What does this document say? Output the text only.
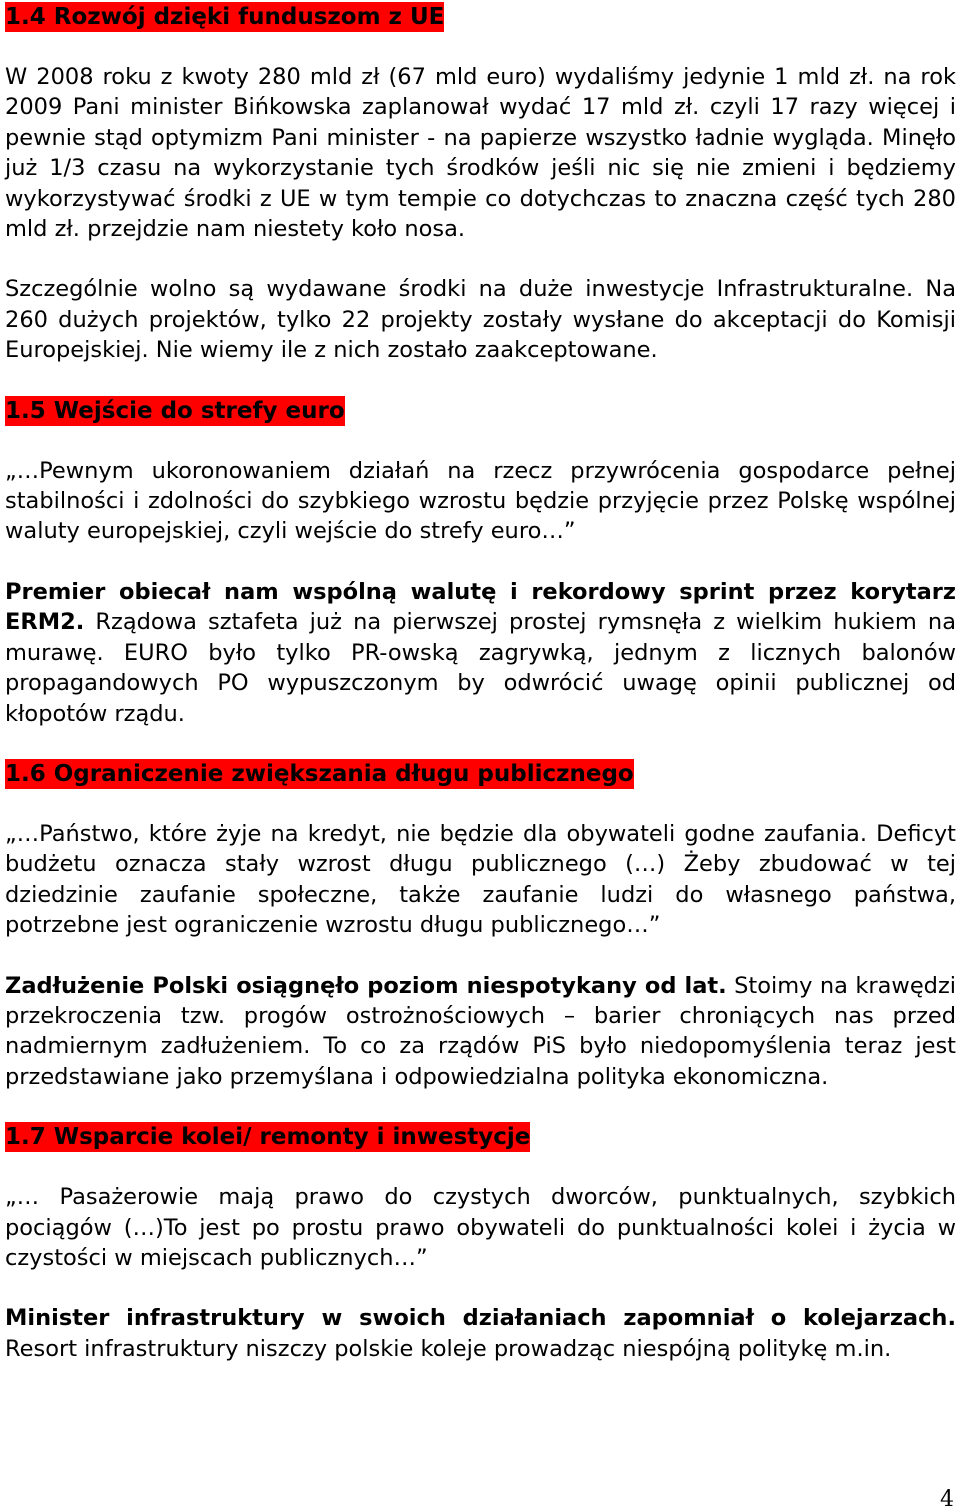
1.4 Rozwój dzięki funduszom z UE

W 2008 roku z kwoty 280 mld zł (67 mld euro) wydaliśmy jedynie 1 mld zł. na rok 2009 Pani minister Bińkowska zaplanował wydać 17 mld zł. czyli 17 razy więcej i pewnie stąd optymizm Pani minister - na papierze wszystko ładnie wygląda. Minęło już 1/3 czasu na wykorzystanie tych środków jeśli nic się nie zmieni i będziemy wykorzystywać środki z UE w tym tempie co dotychczas to znaczna część tych 280 mld zł. przejdzie nam niestety koło nosa.

Szczególnie wolno są wydawane środki na duże inwestycje Infrastrukturalne. Na 260 dużych projektów, tylko 22 projekty zostały wysłane do akceptacji do Komisji Europejskiej. Nie wiemy ile z nich zostało zaakceptowane.

1.5 Wejście do strefy euro

„…Pewnym ukoronowaniem działań na rzecz przywrócenia gospodarce pełnej stabilności i zdolności do szybkiego wzrostu będzie przyjęcie przez Polskę wspólnej waluty europejskiej, czyli wejście do strefy euro…”

Premier obiecał nam wspólną walutę i rekordowy sprint przez korytarz ERM2. Rządowa sztafeta już na pierwszej prostej rymsnęła z wielkim hukiem na murawę. EURO było tylko PR-owską zagrywką, jednym z licznych balonów propagandowych PO wypuszczonym by odwrócić uwagę opinii publicznej od kłopotów rządu.

1.6 Ograniczenie zwiększania długu publicznego

„…Państwo, które żyje na kredyt, nie będzie dla obywateli godne zaufania. Deficyt budżetu oznacza stały wzrost długu publicznego (…) Żeby zbudować w tej dziedzinie zaufanie społeczne, także zaufanie ludzi do własnego państwa, potrzebne jest ograniczenie wzrostu długu publicznego…”

Zadłużenie Polski osiągnęło poziom niespotykany od lat. Stoimy na krawędzi przekroczenia tzw. progów ostrożnościowych – barier chroniących nas przed nadmiernym zadłużeniem. To co za rządów PiS było niedopomyślenia teraz jest przedstawiane jako przemyślana i odpowiedzialna polityka ekonomiczna.

1.7 Wsparcie kolei/ remonty i inwestycje

„… Pasażerowie mają prawo do czystych dworców, punktualnych, szybkich pociągów (…)To jest po prostu prawo obywateli do punktualności kolei i życia w czystości w miejscach publicznych…”

Minister infrastruktury w swoich działaniach zapomniał o kolejarzach. Resort infrastruktury niszczy polskie koleje prowadząc niespójną politykę m.in.

4
